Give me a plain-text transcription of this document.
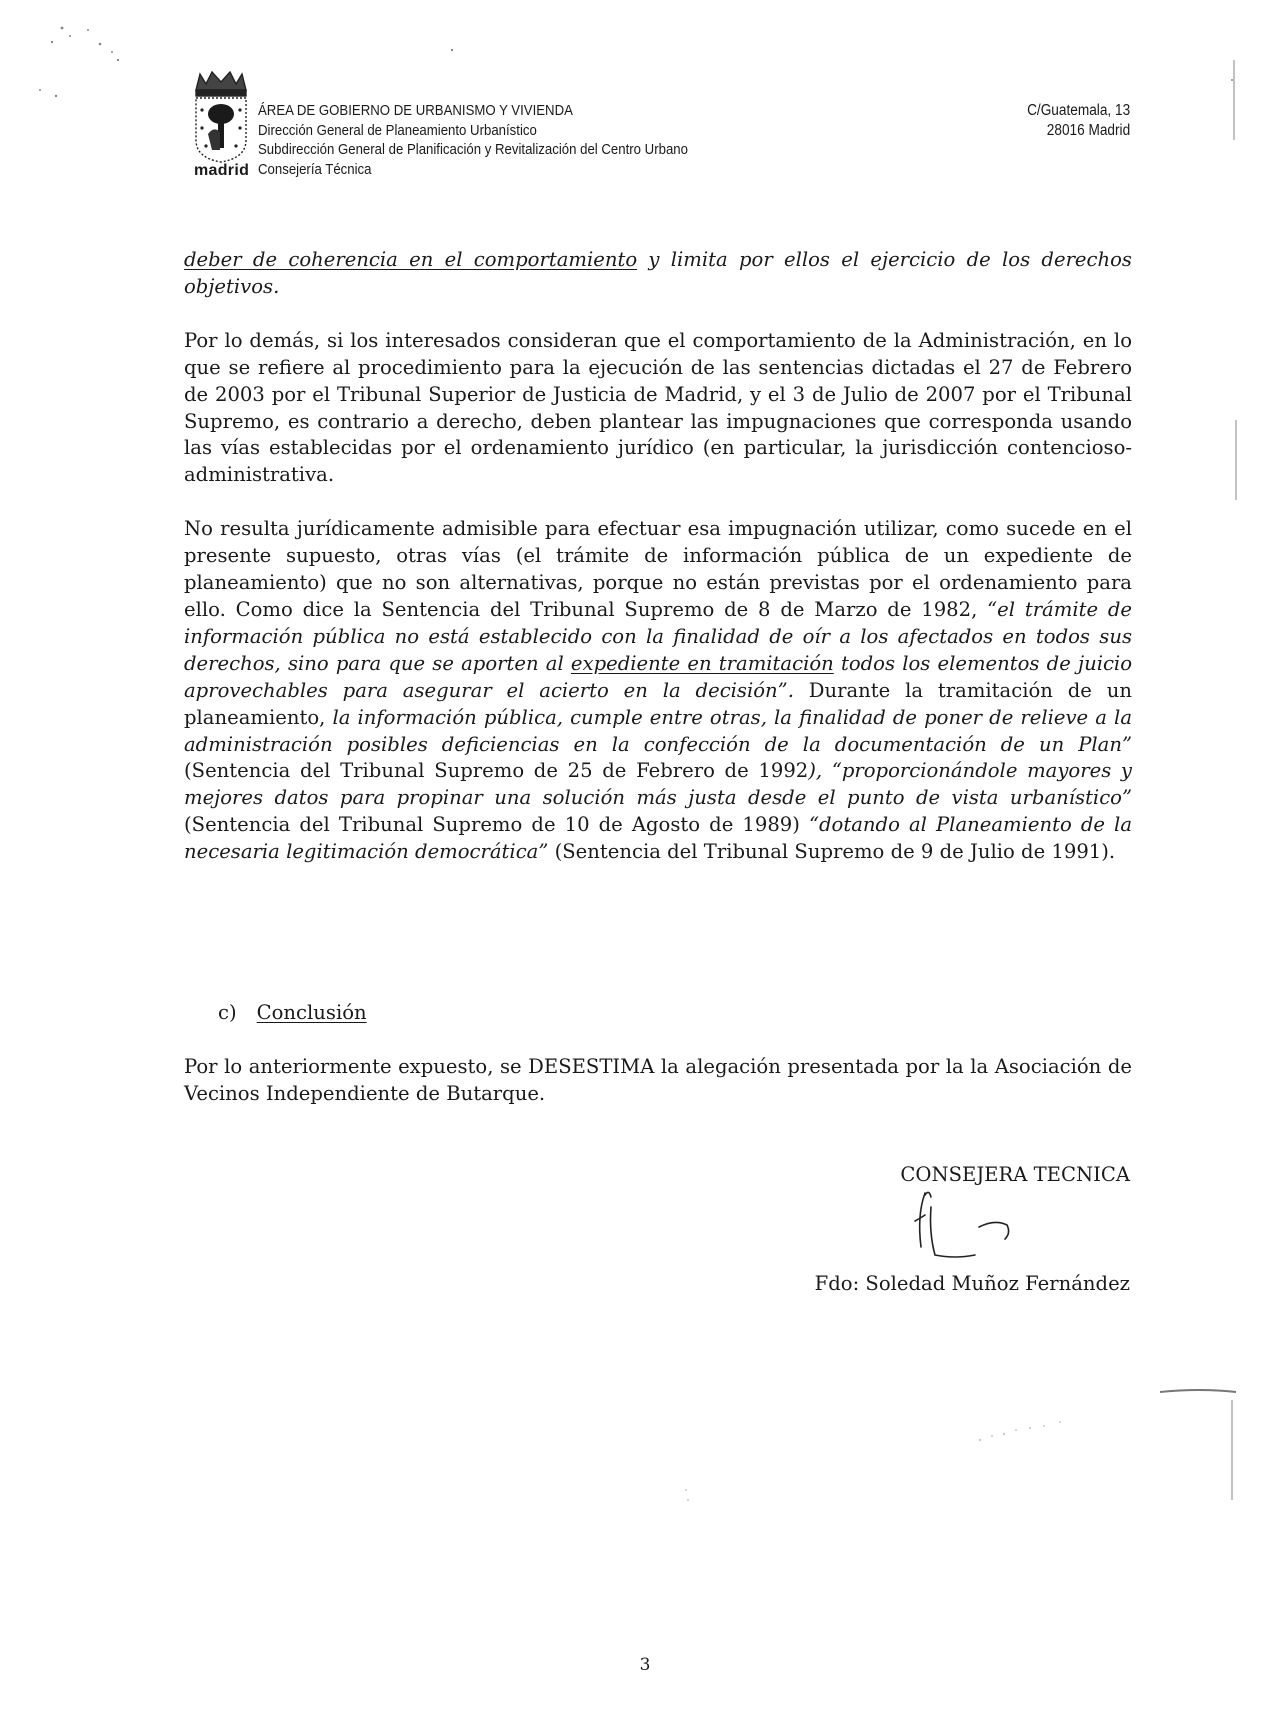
madrid
ÁREA DE GOBIERNO DE URBANISMO Y VIVIENDA
Dirección General de Planeamiento Urbanístico
Subdirección General de Planificación y Revitalización del Centro Urbano
Consejería Técnica
C/Guatemala, 13
28016 Madrid

deber de coherencia en el comportamiento y limita por ellos el ejercicio de los derechos objetivos.

Por lo demás, si los interesados consideran que el comportamiento de la Administración, en lo que se refiere al procedimiento para la ejecución de las sentencias dictadas el 27 de Febrero de 2003 por el Tribunal Superior de Justicia de Madrid, y el 3 de Julio de 2007 por el Tribunal Supremo, es contrario a derecho, deben plantear las impugnaciones que corresponda usando las vías establecidas por el ordenamiento jurídico (en particular, la jurisdicción contencioso-administrativa.

No resulta jurídicamente admisible para efectuar esa impugnación utilizar, como sucede en el presente supuesto, otras vías (el trámite de información pública de un expediente de planeamiento) que no son alternativas, porque no están previstas por el ordenamiento para ello. Como dice la Sentencia del Tribunal Supremo de 8 de Marzo de 1982, “el trámite de información pública no está establecido con la finalidad de oír a los afectados en todos sus derechos, sino para que se aporten al expediente en tramitación todos los elementos de juicio aprovechables para asegurar el acierto en la decisión”. Durante la tramitación de un planeamiento, la información pública, cumple entre otras, la finalidad de poner de relieve a la administración posibles deficiencias en la confección de la documentación de un Plan” (Sentencia del Tribunal Supremo de 25 de Febrero de 1992), “proporcionándole mayores y mejores datos para propinar una solución más justa desde el punto de vista urbanístico” (Sentencia del Tribunal Supremo de 10 de Agosto de 1989) “dotando al Planeamiento de la necesaria legitimación democrática” (Sentencia del Tribunal Supremo de 9 de Julio de 1991).

c) Conclusión
Por lo anteriormente expuesto, se DESESTIMA la alegación presentada por la la Asociación de Vecinos Independiente de Butarque.
CONSEJERA TECNICA
Fdo: Soledad Muñoz Fernández
3
